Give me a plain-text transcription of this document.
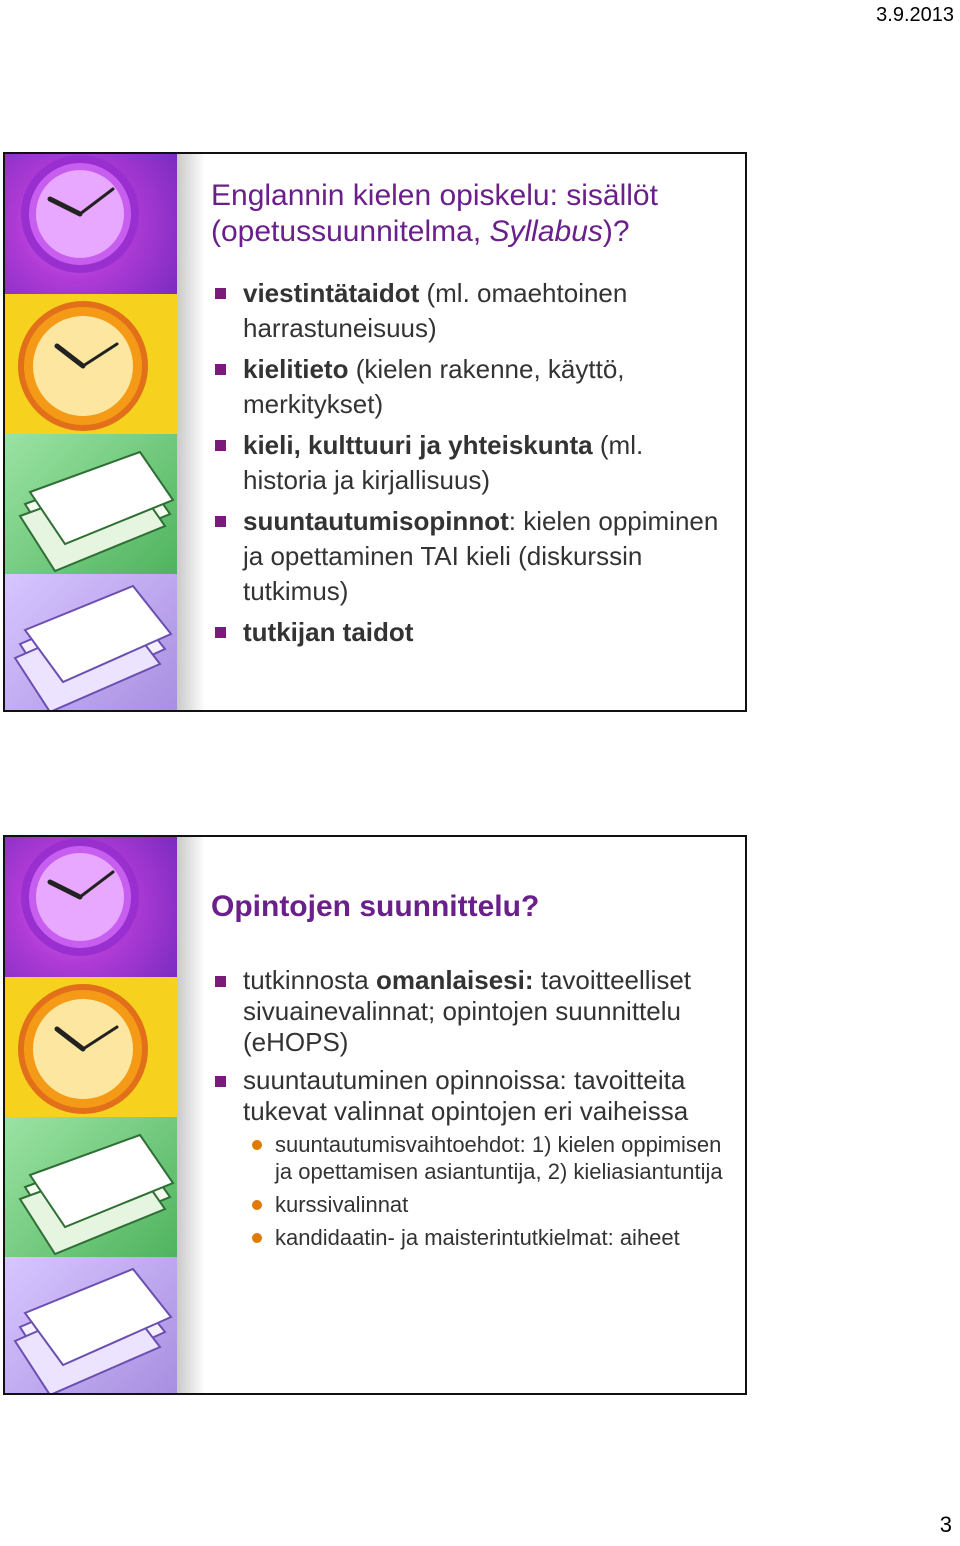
3.9.2013
Englannin kielen opiskelu: sisällöt
(opetussuunnitelma, Syllabus)?
viestintätaidot (ml. omaehtoinen harrastuneisuus)
kielitieto (kielen rakenne, käyttö, merkitykset)
kieli, kulttuuri ja yhteiskunta (ml. historia ja kirjallisuus)
suuntautumisopinnot: kielen oppiminen ja opettaminen TAI kieli (diskurssin tutkimus)
tutkijan taidot
Opintojen suunnittelu?
tutkinnosta omanlaisesi: tavoitteelliset sivuainevalinnat; opintojen suunnittelu (eHOPS)
suuntautuminen opinnoissa: tavoitteita tukevat valinnat opintojen eri vaiheissa
suuntautumisvaihtoehdot: 1) kielen oppimisen ja opettamisen asiantuntija, 2) kieliasiantuntija
kurssivalinnat
kandidaatin- ja maisterintutkielmat: aiheet
3
